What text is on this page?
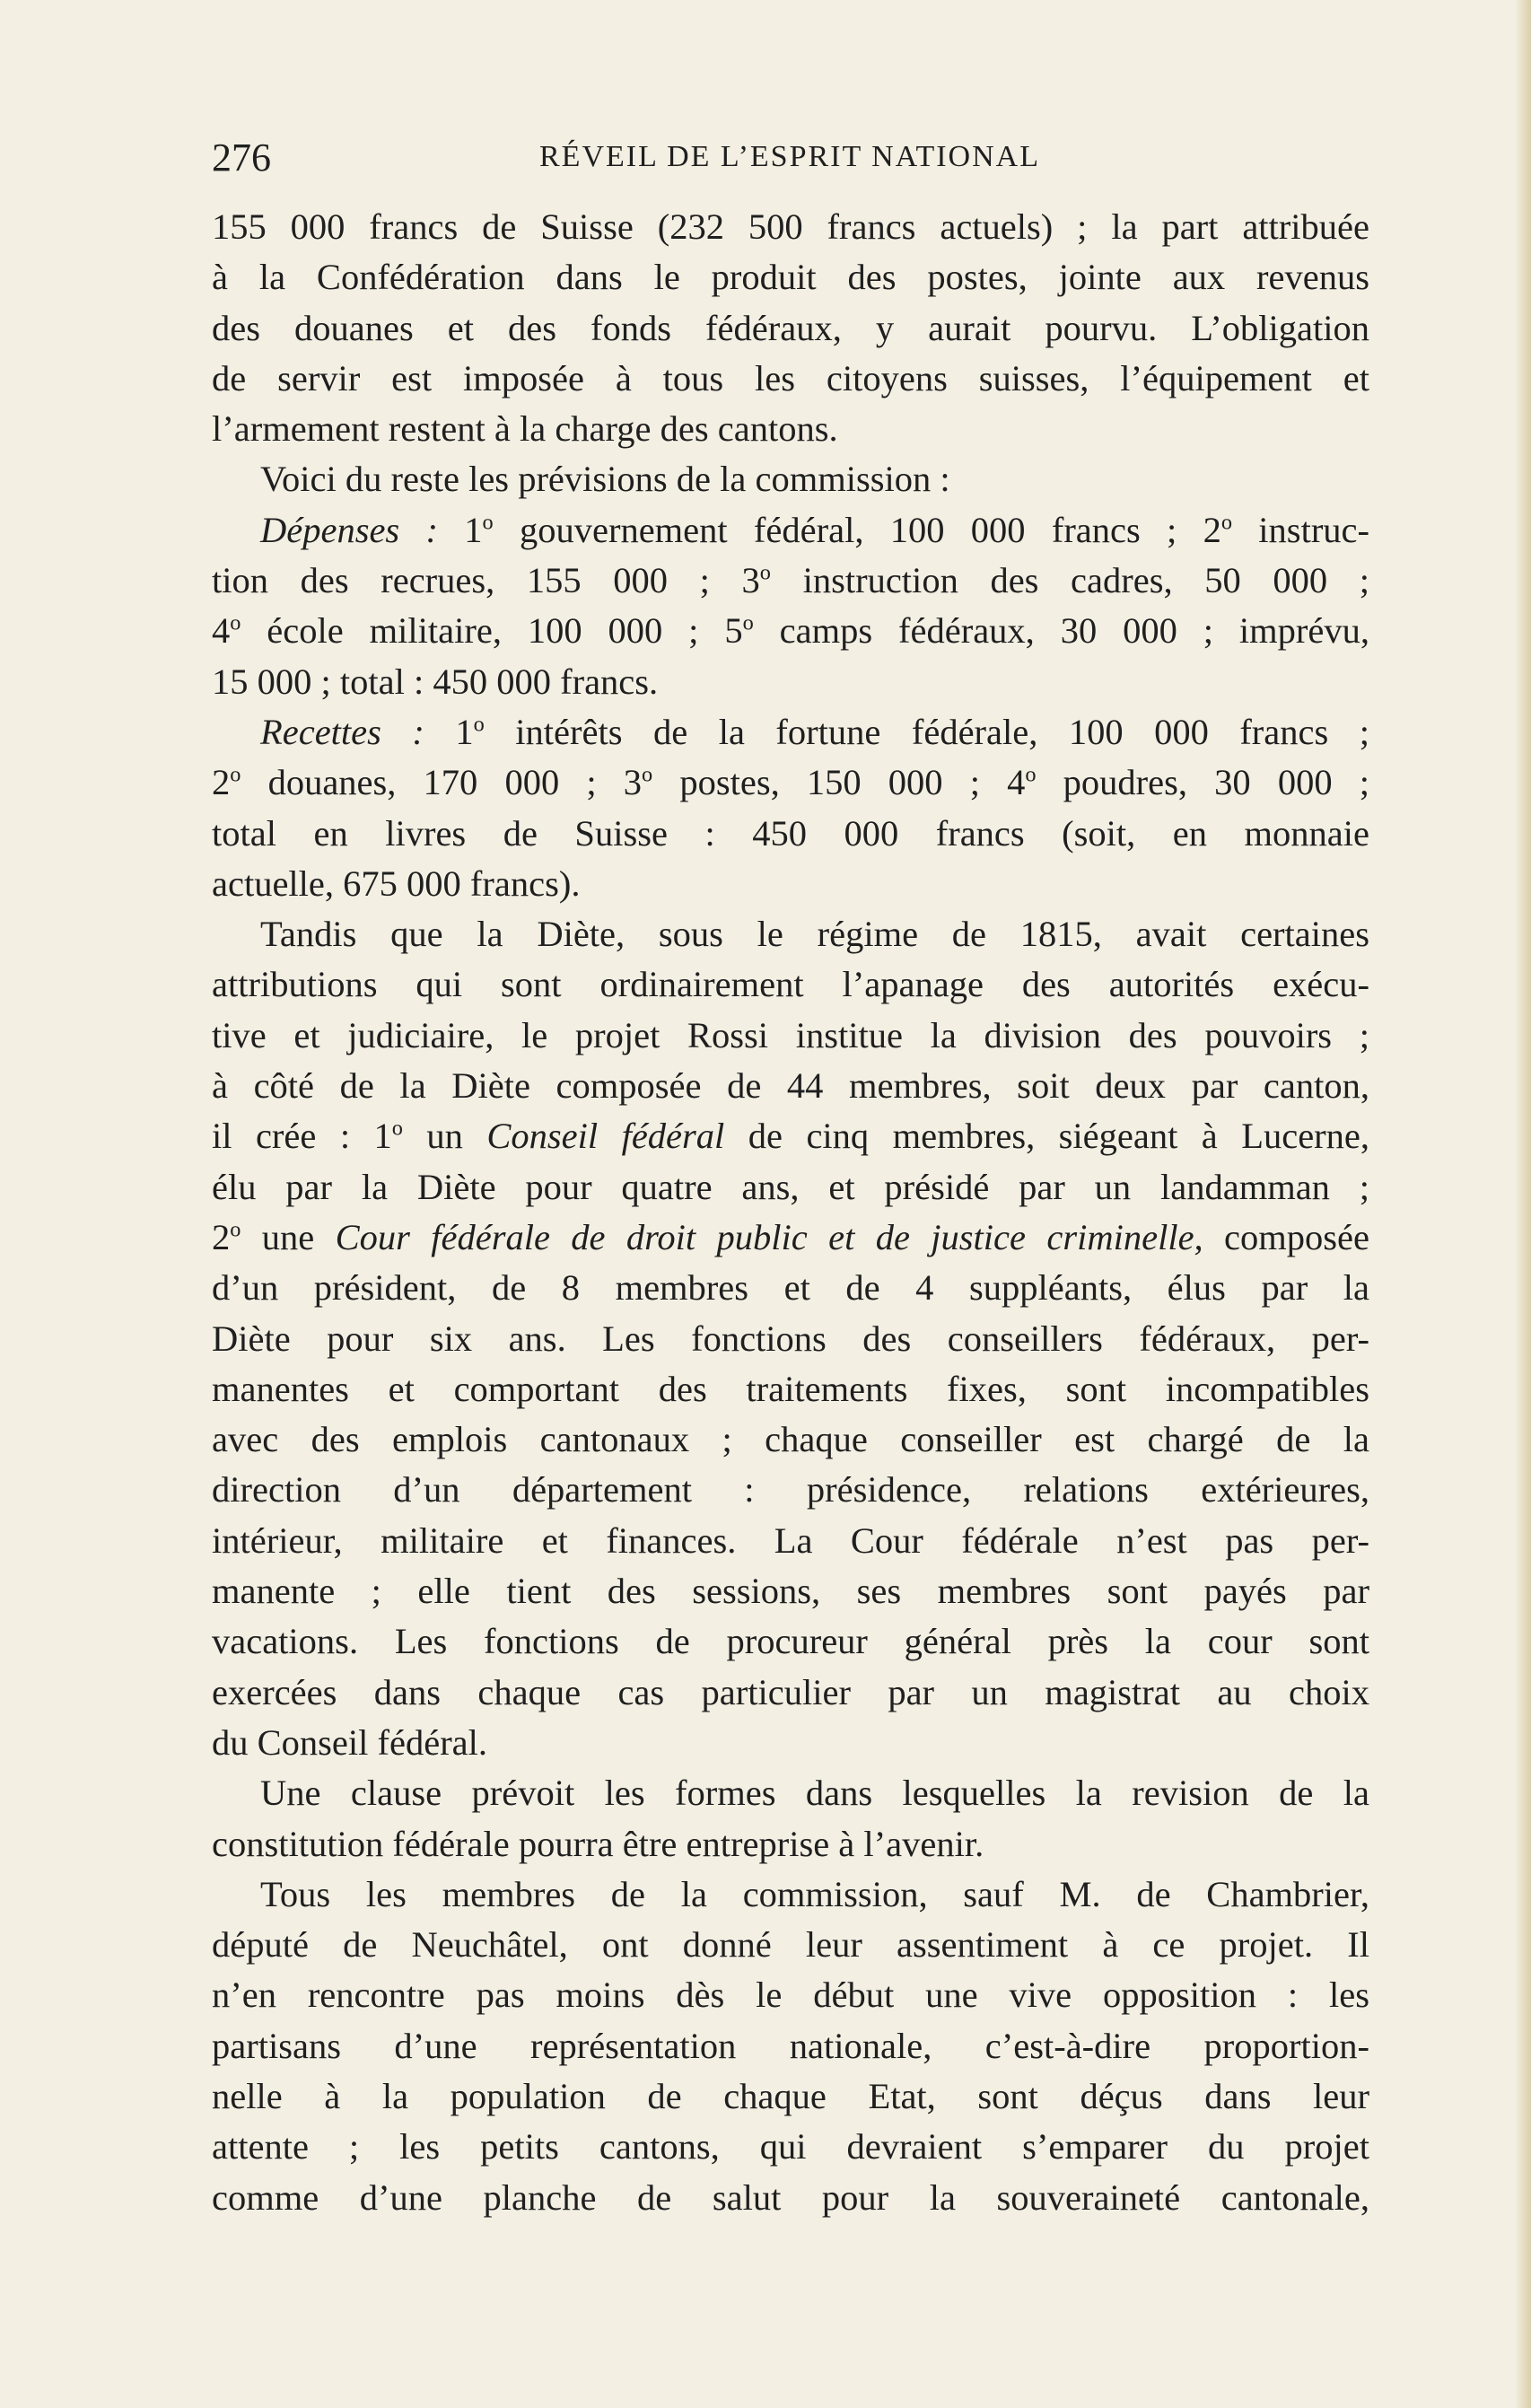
276	RÉVEIL DE L’ESPRIT NATIONAL
155 000 francs de Suisse (232 500 francs actuels) ; la part attribuée
à la Confédération dans le produit des postes, jointe aux revenus
des douanes et des fonds fédéraux, y aurait pourvu. L’obligation
de servir est imposée à tous les citoyens suisses, l’équipement et
l’armement restent à la charge des cantons.
Voici du reste les prévisions de la commission :
Dépenses : 1$^o$ gouvernement fédéral, 100 000 francs ; 2$^o$ instruc-
tion des recrues, 155 000 ; 3$^o$ instruction des cadres, 50 000 ;
4$^o$ école militaire, 100 000 ; 5$^o$ camps fédéraux, 30 000 ; imprévu,
15 000 ; total : 450 000 francs.
Recettes : 1$^o$ intérêts de la fortune fédérale, 100 000 francs ;
2$^o$ douanes, 170 000 ; 3$^o$ postes, 150 000 ; 4$^o$ poudres, 30 000 ;
total en livres de Suisse : 450 000 francs (soit, en monnaie
actuelle, 675 000 francs).
Tandis que la Diète, sous le régime de 1815, avait certaines
attributions qui sont ordinairement l’apanage des autorités exécu-
tive et judiciaire, le projet Rossi institue la division des pouvoirs ;
à côté de la Diète composée de 44 membres, soit deux par canton,
il crée : 1$^o$ un Conseil fédéral de cinq membres, siégeant à Lucerne,
élu par la Diète pour quatre ans, et présidé par un landamman ;
2$^o$ une Cour fédérale de droit public et de justice criminelle, composée
d’un président, de 8 membres et de 4 suppléants, élus par la
Diète pour six ans. Les fonctions des conseillers fédéraux, per-
manentes et comportant des traitements fixes, sont incompatibles
avec des emplois cantonaux ; chaque conseiller est chargé de la
direction d’un département : présidence, relations extérieures,
intérieur, militaire et finances. La Cour fédérale n’est pas per-
manente ; elle tient des sessions, ses membres sont payés par
vacations. Les fonctions de procureur général près la cour sont
exercées dans chaque cas particulier par un magistrat au choix
du Conseil fédéral.
Une clause prévoit les formes dans lesquelles la revision de la
constitution fédérale pourra être entreprise à l’avenir.
Tous les membres de la commission, sauf M. de Chambrier,
député de Neuchâtel, ont donné leur assentiment à ce projet. Il
n’en rencontre pas moins dès le début une vive opposition : les
partisans d’une représentation nationale, c’est-à-dire proportion-
nelle à la population de chaque Etat, sont déçus dans leur
attente ; les petits cantons, qui devraient s’emparer du projet
comme d’une planche de salut pour la souveraineté cantonale,
